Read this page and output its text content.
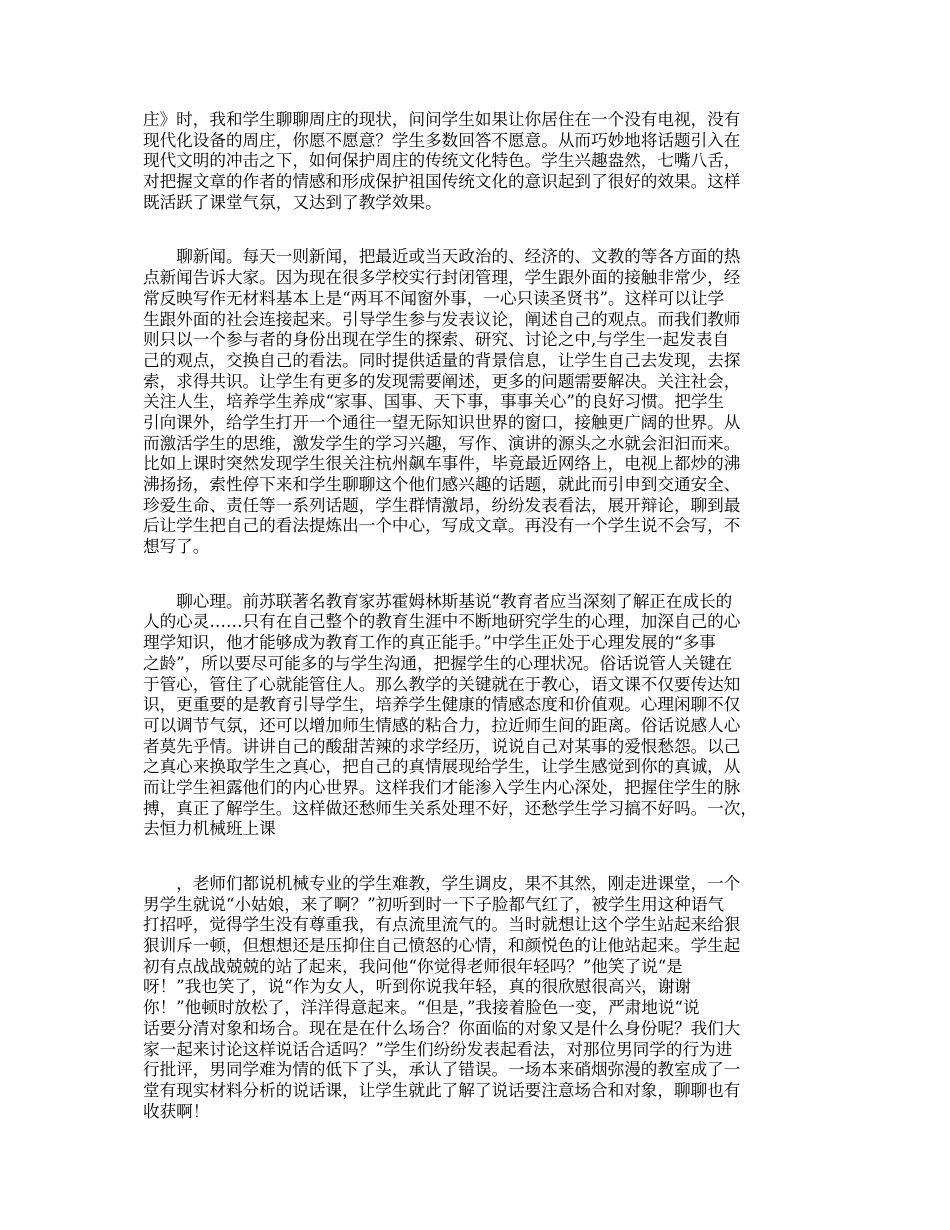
庄》时，我和学生聊聊周庄的现状，问问学生如果让你居住在一个没有电视，没有
现代化设备的周庄，你愿不愿意？学生多数回答不愿意。从而巧妙地将话题引入在
现代文明的冲击之下，如何保护周庄的传统文化特色。学生兴趣盎然，七嘴八舌，
对把握文章的作者的情感和形成保护祖国传统文化的意识起到了很好的效果。这样
既活跃了课堂气氛，又达到了教学效果。
聊新闻。每天一则新闻，把最近或当天政治的、经济的、文教的等各方面的热
点新闻告诉大家。因为现在很多学校实行封闭管理，学生跟外面的接触非常少，经
常反映写作无材料基本上是“两耳不闻窗外事，一心只读圣贤书”。这样可以让学
生跟外面的社会连接起来。引导学生参与发表议论，阐述自己的观点。而我们教师
则只以一个参与者的身份出现在学生的探索、研究、讨论之中,与学生一起发表自
己的观点，交换自己的看法。同时提供适量的背景信息，让学生自己去发现，去探
索，求得共识。让学生有更多的发现需要阐述，更多的问题需要解决。关注社会，
关注人生，培养学生养成“家事、国事、天下事，事事关心”的良好习惯。把学生
引向课外，给学生打开一个通往一望无际知识世界的窗口，接触更广阔的世界。从
而激活学生的思维，激发学生的学习兴趣，写作、演讲的源头之水就会汩汩而来。
比如上课时突然发现学生很关注杭州飙车事件，毕竟最近网络上，电视上都炒的沸
沸扬扬，索性停下来和学生聊聊这个他们感兴趣的话题，就此而引申到交通安全、
珍爱生命、责任等一系列话题，学生群情激昂，纷纷发表看法，展开辩论，聊到最
后让学生把自己的看法提炼出一个中心，写成文章。再没有一个学生说不会写，不
想写了。
聊心理。前苏联著名教育家苏霍姆林斯基说“教育者应当深刻了解正在成长的
人的心灵……只有在自己整个的教育生涯中不断地研究学生的心理，加深自己的心
理学知识，他才能够成为教育工作的真正能手。”中学生正处于心理发展的“多事
之龄”，所以要尽可能多的与学生沟通，把握学生的心理状况。俗话说管人关键在
于管心，管住了心就能管住人。那么教学的关键就在于教心，语文课不仅要传达知
识，更重要的是教育引导学生，培养学生健康的情感态度和价值观。心理闲聊不仅
可以调节气氛，还可以增加师生情感的粘合力，拉近师生间的距离。俗话说感人心
者莫先乎情。讲讲自己的酸甜苦辣的求学经历，说说自己对某事的爱恨愁怨。以己
之真心来换取学生之真心，把自己的真情展现给学生，让学生感觉到你的真诚，从
而让学生袒露他们的内心世界。这样我们才能渗入学生内心深处，把握住学生的脉
搏，真正了解学生。这样做还愁师生关系处理不好，还愁学生学习搞不好吗。一次，
去恒力机械班上课
，老师们都说机械专业的学生难教，学生调皮，果不其然，刚走进课堂，一个
男学生就说“小姑娘，来了啊？”初听到时一下子脸都气红了，被学生用这种语气
打招呼，觉得学生没有尊重我，有点流里流气的。当时就想让这个学生站起来给狠
狠训斥一顿，但想想还是压抑住自己愤怒的心情，和颜悦色的让他站起来。学生起
初有点战战兢兢的站了起来，我问他“你觉得老师很年轻吗？”他笑了说“是
呀！”我也笑了，说“作为女人，听到你说我年轻，真的很欣慰很高兴，谢谢
你！”他顿时放松了，洋洋得意起来。“但是，”我接着脸色一变，严肃地说“说
话要分清对象和场合。现在是在什么场合？你面临的对象又是什么身份呢？我们大
家一起来讨论这样说话合适吗？”学生们纷纷发表起看法，对那位男同学的行为进
行批评，男同学难为情的低下了头，承认了错误。一场本来硝烟弥漫的教室成了一
堂有现实材料分析的说话课，让学生就此了解了说话要注意场合和对象，聊聊也有
收获啊！
